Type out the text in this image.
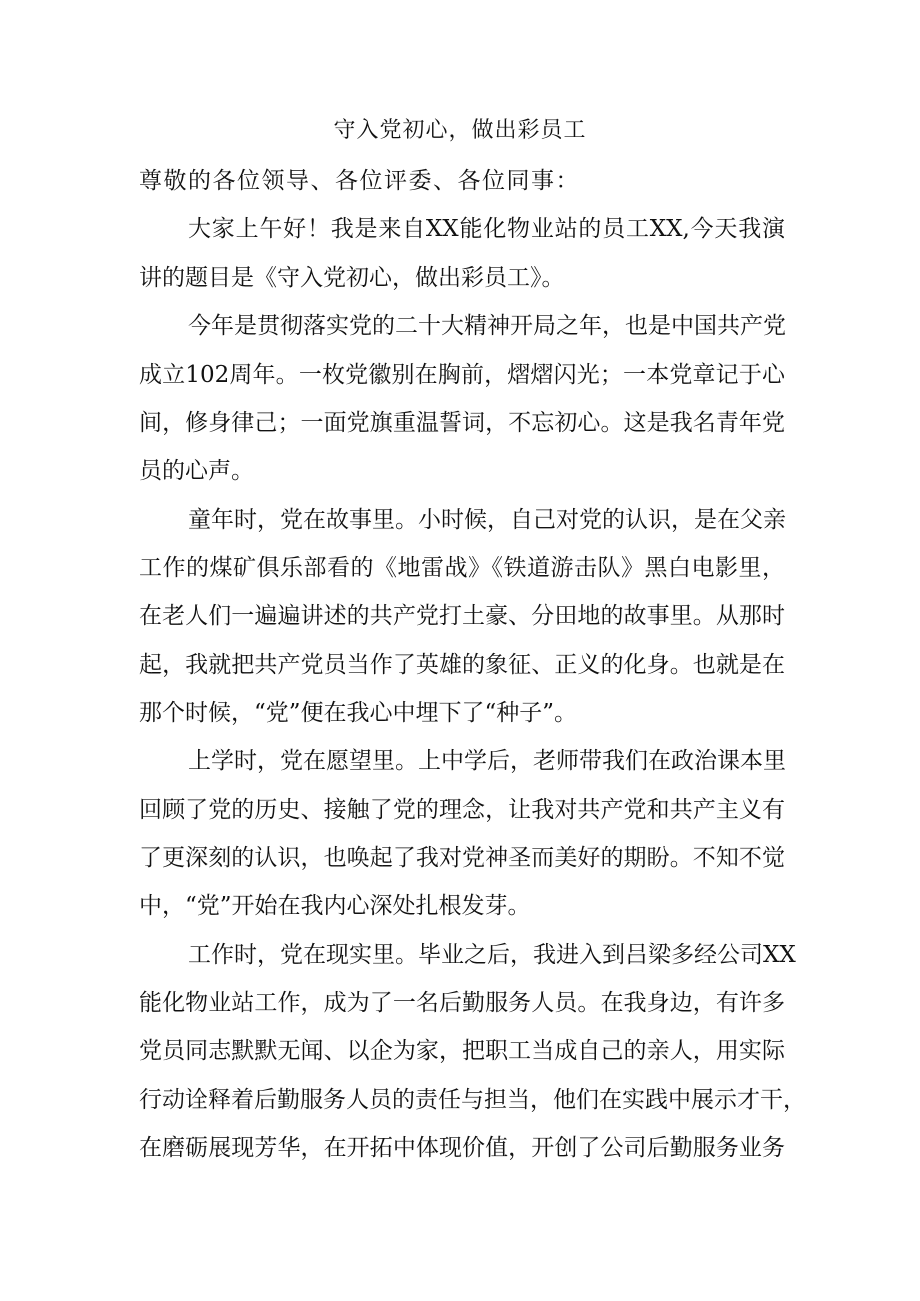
守入党初心，做出彩员工
尊敬的各位领导、各位评委、各位同事：
大家上午好！我是来自XX能化物业站的员工XX,今天我演
讲的题目是《守入党初心，做出彩员工》。
今年是贯彻落实党的二十大精神开局之年，也是中国共产党
成立102周年。一枚党徽别在胸前，熠熠闪光；一本党章记于心
间，修身律己；一面党旗重温誓词，不忘初心。这是我名青年党
员的心声。
童年时，党在故事里。小时候，自己对党的认识，是在父亲
工作的煤矿俱乐部看的《地雷战》《铁道游击队》黑白电影里，
在老人们一遍遍讲述的共产党打土豪、分田地的故事里。从那时
起，我就把共产党员当作了英雄的象征、正义的化身。也就是在
那个时候，“党”便在我心中埋下了“种子”。
上学时，党在愿望里。上中学后，老师带我们在政治课本里
回顾了党的历史、接触了党的理念，让我对共产党和共产主义有
了更深刻的认识，也唤起了我对党神圣而美好的期盼。不知不觉
中，“党”开始在我内心深处扎根发芽。
工作时，党在现实里。毕业之后，我进入到吕梁多经公司XX
能化物业站工作，成为了一名后勤服务人员。在我身边，有许多
党员同志默默无闻、以企为家，把职工当成自己的亲人，用实际
行动诠释着后勤服务人员的责任与担当，他们在实践中展示才干，
在磨砺展现芳华，在开拓中体现价值，开创了公司后勤服务业务
